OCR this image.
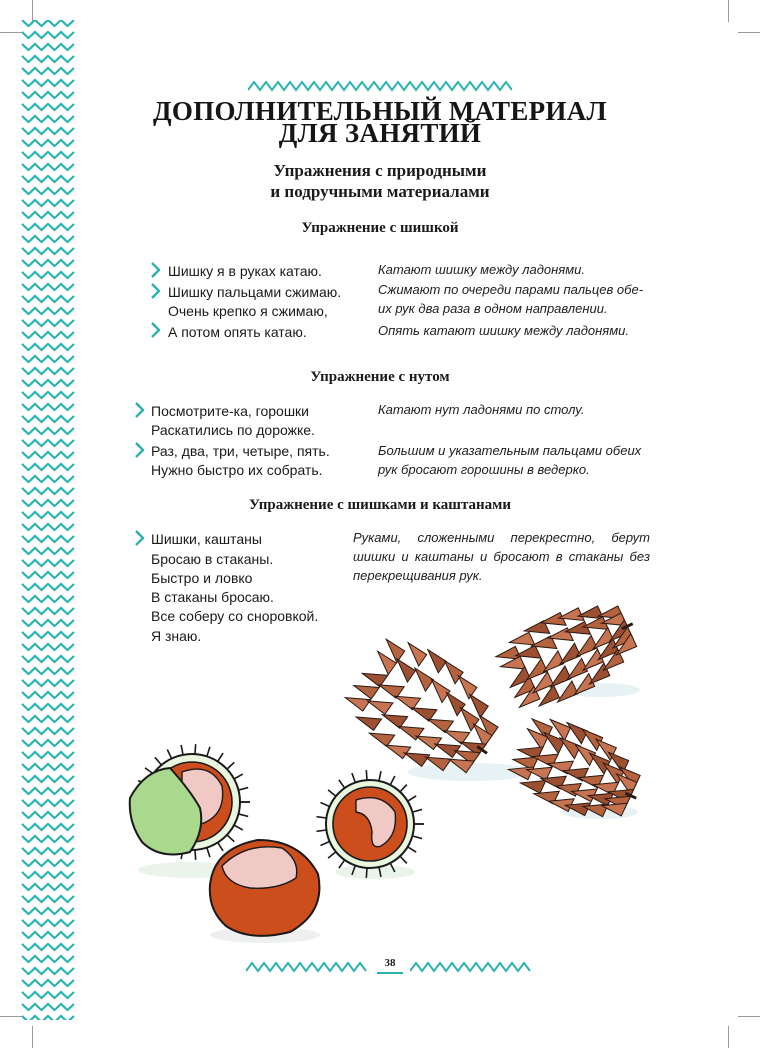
ДОПОЛНИТЕЛЬНЫЙ МАТЕРИАЛ
ДЛЯ ЗАНЯТИЙ
Упражнения с природными
и подручными материалами
Упражнение с шишкой
Шишку я в руках катаю.
Шишку пальцами сжимаю.
Очень крепко я сжимаю,
А потом опять катаю.
Катают шишку между ладонями.
Сжимают по очереди парами пальцев обе-
их рук два раза в одном направлении.
Опять катают шишку между ладонями.
Упражнение с нутом
Посмотрите-ка, горошки
Раскатились по дорожке.
Раз, два, три, четыре, пять.
Нужно быстро их собрать.
Катают нут ладонями по столу.
Большим и указательным пальцами обеих
рук бросают горошины в ведерко.
Упражнение с шишками и каштанами
Шишки, каштаны
Бросаю в стаканы.
Быстро и ловко
В стаканы бросаю.
Все соберу со сноровкой.
Я знаю.
Руками, сложенными перекрестно, берут шишки и каштаны и бросают в стаканы без перекрещивания рук.
38
